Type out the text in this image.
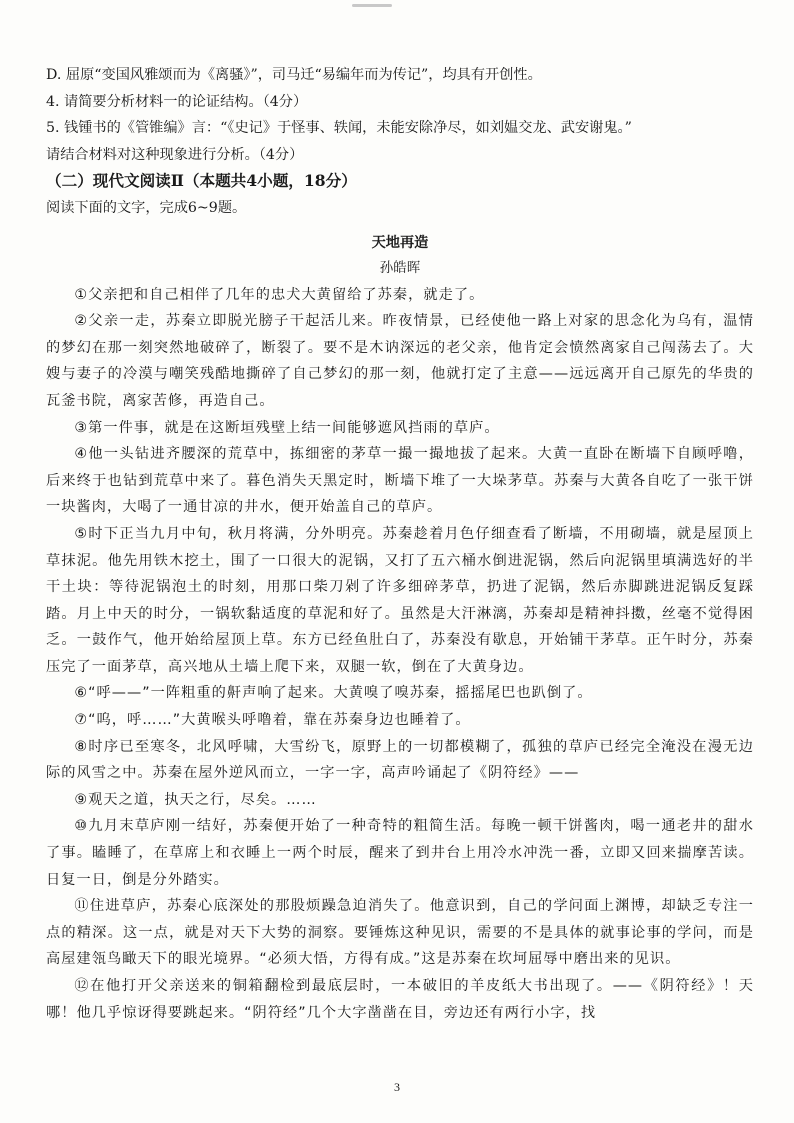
D. 屈原“变国风雅颂而为《离骚》”，司马迁“易编年而为传记”，均具有开创性。

4. 请简要分析材料一的论证结构。（4分）

5. 钱锺书的《管锥编》言：“《史记》于怪事、轶闻，未能安除净尽，如刘媪交龙、武安谢鬼。”

请结合材料对这种现象进行分析。（4分）

（二）现代文阅读Ⅱ（本题共4小题，18分）

阅读下面的文字，完成6~9题。

天地再造

孙皓晖

①父亲把和自己相伴了几年的忠犬大黄留给了苏秦，就走了。

②父亲一走，苏秦立即脱光膀子干起活儿来。昨夜情景，已经使他一路上对家的思念化为乌有，温情的梦幻在那一刻突然地破碎了，断裂了。要不是木讷深远的老父亲，他肯定会愤然离家自己闯荡去了。大嫂与妻子的冷漠与嘲笑残酷地撕碎了自己梦幻的那一刻，他就打定了主意——远远离开自己原先的华贵的瓦釜书院，离家苦修，再造自己。

③第一件事，就是在这断垣残壁上结一间能够遮风挡雨的草庐。

④他一头钻进齐腰深的荒草中，拣细密的茅草一撮一撮地拔了起来。大黄一直卧在断墙下自顾呼噜，后来终于也钻到荒草中来了。暮色消失天黑定时，断墙下堆了一大垛茅草。苏秦与大黄各自吃了一张干饼一块酱肉，大喝了一通甘凉的井水，便开始盖自己的草庐。

⑤时下正当九月中旬，秋月将满，分外明亮。苏秦趁着月色仔细查看了断墙，不用砌墙，就是屋顶上草抹泥。他先用铁木挖土，围了一口很大的泥锅，又打了五六桶水倒进泥锅，然后向泥锅里填满选好的半干土块：等待泥锅泡土的时刻，用那口柴刀剁了许多细碎茅草，扔进了泥锅，然后赤脚跳进泥锅反复踩踏。月上中天的时分，一锅软黏适度的草泥和好了。虽然是大汗淋漓，苏秦却是精神抖擞，丝毫不觉得困乏。一鼓作气，他开始给屋顶上草。东方已经鱼肚白了，苏秦没有歇息，开始铺干茅草。正午时分，苏秦压完了一面茅草，高兴地从土墙上爬下来，双腿一软，倒在了大黄身边。

⑥“呼——”一阵粗重的鼾声响了起来。大黄嗅了嗅苏秦，摇摇尾巴也趴倒了。

⑦“呜，呼……”大黄喉头呼噜着，靠在苏秦身边也睡着了。

⑧时序已至寒冬，北风呼啸，大雪纷飞，原野上的一切都模糊了，孤独的草庐已经完全淹没在漫无边际的风雪之中。苏秦在屋外逆风而立，一字一字，高声吟诵起了《阴符经》——

⑨观天之道，执天之行，尽矣。……

⑩九月末草庐刚一结好，苏秦便开始了一种奇特的粗简生活。每晚一顿干饼酱肉，喝一通老井的甜水了事。瞌睡了，在草席上和衣睡上一两个时辰，醒来了到井台上用冷水冲洗一番，立即又回来揣摩苦读。日复一日，倒是分外踏实。

⑪住进草庐，苏秦心底深处的那股烦躁急迫消失了。他意识到，自己的学问面上渊博，却缺乏专注一点的精深。这一点，就是对天下大势的洞察。要锤炼这种见识，需要的不是具体的就事论事的学问，而是高屋建瓴鸟瞰天下的眼光境界。“必须大悟，方得有成。”这是苏秦在坎坷屈辱中磨出来的见识。

⑫在他打开父亲送来的铜箱翻检到最底层时，一本破旧的羊皮纸大书出现了。——《阴符经》！天哪！他几乎惊讶得要跳起来。“阴符经”几个大字凿凿在目，旁边还有两行小字，找

3
